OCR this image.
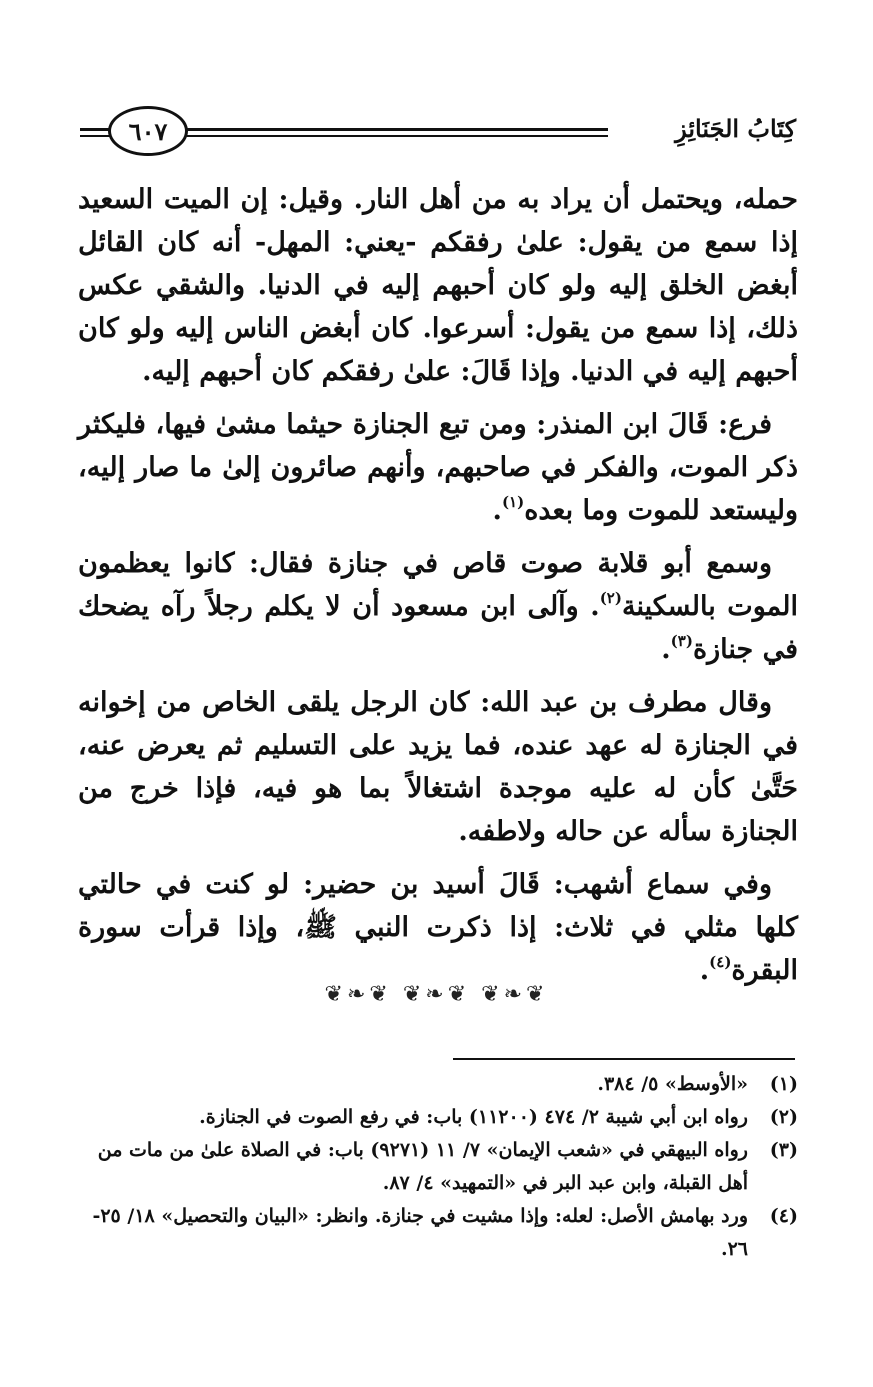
كِتَابُ الجَنَائِزِ
٦٠٧

حمله، ويحتمل أن يراد به من أهل النار. وقيل: إن الميت السعيد إذا سمع من يقول: علىٰ رفقكم -يعني: المهل- أنه كان القائل أبغض الخلق إليه ولو كان أحبهم إليه في الدنيا. والشقي عكس ذلك، إذا سمع من يقول: أسرعوا. كان أبغض الناس إليه ولو كان أحبهم إليه في الدنيا. وإذا قَالَ: علىٰ رفقكم كان أحبهم إليه.

فرع: قَالَ ابن المنذر: ومن تبع الجنازة حيثما مشىٰ فيها، فليكثر ذكر الموت، والفكر في صاحبهم، وأنهم صائرون إلىٰ ما صار إليه، وليستعد للموت وما بعده$^{(١)}$.

وسمع أبو قلابة صوت قاص في جنازة فقال: كانوا يعظمون الموت بالسكينة$^{(٢)}$. وآلى ابن مسعود أن لا يكلم رجلاً رآه يضحك في جنازة$^{(٣)}$.

وقال مطرف بن عبد الله: كان الرجل يلقى الخاص من إخوانه في الجنازة له عهد عنده، فما يزيد على التسليم ثم يعرض عنه، حَتَّىٰ كأن له عليه موجدة اشتغالاً بما هو فيه، فإذا خرج من الجنازة سأله عن حاله ولاطفه.

وفي سماع أشهب: قَالَ أسيد بن حضير: لو كنت في حالتي كلها مثلي في ثلاث: إذا ذكرت النبي ﷺ، وإذا قرأت سورة البقرة$^{(٤)}$.

❦❧❦ ❦❧❦ ❦❧❦
(١)
«الأوسط» ٥/ ٣٨٤.
(٢)
رواه ابن أبي شيبة ٢/ ٤٧٤ (١١٢٠٠) باب: في رفع الصوت في الجنازة.
(٣)
رواه البيهقي في «شعب الإيمان» ٧/ ١١ (٩٢٧١) باب: في الصلاة علىٰ من مات من أهل القبلة، وابن عبد البر في «التمهيد» ٤/ ٨٧.
(٤)
ورد بهامش الأصل: لعله: وإذا مشيت في جنازة. وانظر: «البيان والتحصيل» ١٨/ ٢٥- ٢٦.
